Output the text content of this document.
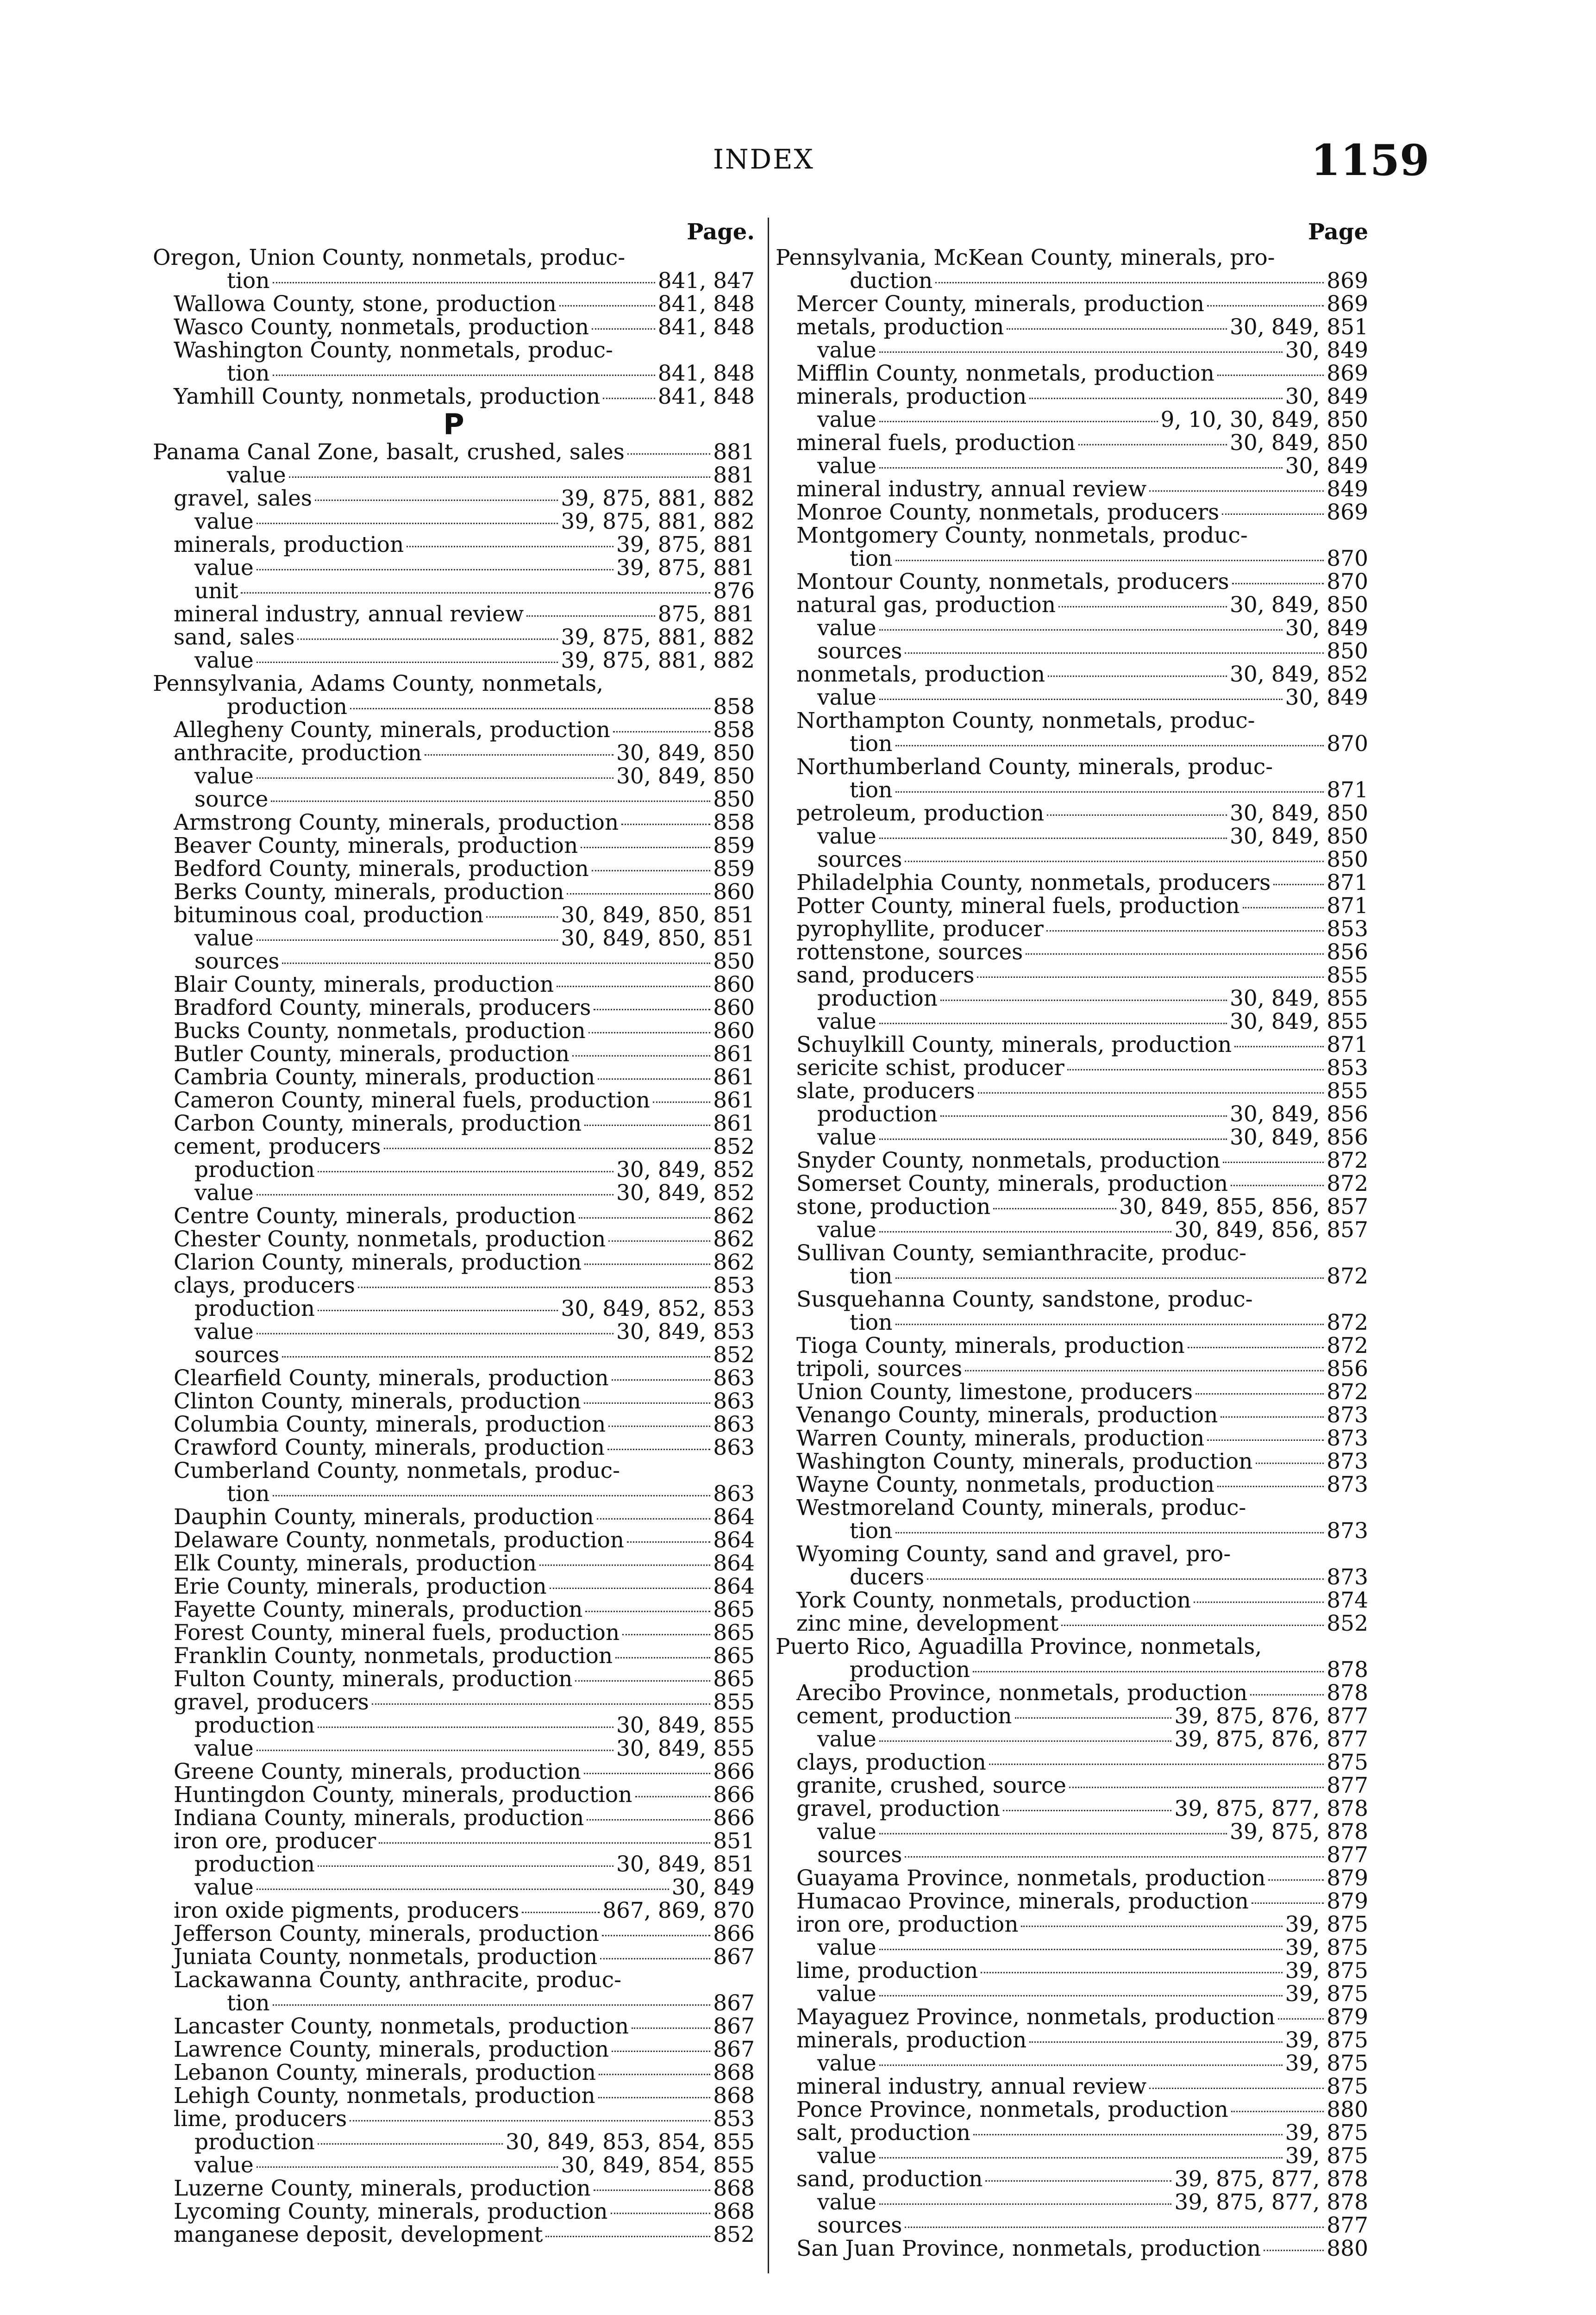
INDEX	1159
Page.
Oregon, Union County, nonmetals, produc-
tion	841, 847
Wallowa County, stone, production	841, 848
Wasco County, nonmetals, production	841, 848
Washington County, nonmetals, produc-
tion	841, 848
Yamhill County, nonmetals, production	841, 848
P
Panama Canal Zone, basalt, crushed, sales	881
value	881
gravel, sales	39, 875, 881, 882
value	39, 875, 881, 882
minerals, production	39, 875, 881
value	39, 875, 881
unit	876
mineral industry, annual review	875, 881
sand, sales	39, 875, 881, 882
value	39, 875, 881, 882
Pennsylvania, Adams County, nonmetals,
production	858
Allegheny County, minerals, production	858
anthracite, production	30, 849, 850
value	30, 849, 850
source	850
Armstrong County, minerals, production	858
Beaver County, minerals, production	859
Bedford County, minerals, production	859
Berks County, minerals, production	860
bituminous coal, production	30, 849, 850, 851
value	30, 849, 850, 851
sources	850
Blair County, minerals, production	860
Bradford County, minerals, producers	860
Bucks County, nonmetals, production	860
Butler County, minerals, production	861
Cambria County, minerals, production	861
Cameron County, mineral fuels, production	861
Carbon County, minerals, production	861
cement, producers	852
production	30, 849, 852
value	30, 849, 852
Centre County, minerals, production	862
Chester County, nonmetals, production	862
Clarion County, minerals, production	862
clays, producers	853
production	30, 849, 852, 853
value	30, 849, 853
sources	852
Clearfield County, minerals, production	863
Clinton County, minerals, production	863
Columbia County, minerals, production	863
Crawford County, minerals, production	863
Cumberland County, nonmetals, produc-
tion	863
Dauphin County, minerals, production	864
Delaware County, nonmetals, production	864
Elk County, minerals, production	864
Erie County, minerals, production	864
Fayette County, minerals, production	865
Forest County, mineral fuels, production	865
Franklin County, nonmetals, production	865
Fulton County, minerals, production	865
gravel, producers	855
production	30, 849, 855
value	30, 849, 855
Greene County, minerals, production	866
Huntingdon County, minerals, production	866
Indiana County, minerals, production	866
iron ore, producer	851
production	30, 849, 851
value	30, 849
iron oxide pigments, producers	867, 869, 870
Jefferson County, minerals, production	866
Juniata County, nonmetals, production	867
Lackawanna County, anthracite, produc-
tion	867
Lancaster County, nonmetals, production	867
Lawrence County, minerals, production	867
Lebanon County, minerals, production	868
Lehigh County, nonmetals, production	868
lime, producers	853
production	30, 849, 853, 854, 855
value	30, 849, 854, 855
Luzerne County, minerals, production	868
Lycoming County, minerals, production	868
manganese deposit, development	852
Page
Pennsylvania, McKean County, minerals, pro-
duction	869
Mercer County, minerals, production	869
metals, production	30, 849, 851
value	30, 849
Mifflin County, nonmetals, production	869
minerals, production	30, 849
value	9, 10, 30, 849, 850
mineral fuels, production	30, 849, 850
value	30, 849
mineral industry, annual review	849
Monroe County, nonmetals, producers	869
Montgomery County, nonmetals, produc-
tion	870
Montour County, nonmetals, producers	870
natural gas, production	30, 849, 850
value	30, 849
sources	850
nonmetals, production	30, 849, 852
value	30, 849
Northampton County, nonmetals, produc-
tion	870
Northumberland County, minerals, produc-
tion	871
petroleum, production	30, 849, 850
value	30, 849, 850
sources	850
Philadelphia County, nonmetals, producers	871
Potter County, mineral fuels, production	871
pyrophyllite, producer	853
rottenstone, sources	856
sand, producers	855
production	30, 849, 855
value	30, 849, 855
Schuylkill County, minerals, production	871
sericite schist, producer	853
slate, producers	855
production	30, 849, 856
value	30, 849, 856
Snyder County, nonmetals, production	872
Somerset County, minerals, production	872
stone, production	30, 849, 855, 856, 857
value	30, 849, 856, 857
Sullivan County, semianthracite, produc-
tion	872
Susquehanna County, sandstone, produc-
tion	872
Tioga County, minerals, production	872
tripoli, sources	856
Union County, limestone, producers	872
Venango County, minerals, production	873
Warren County, minerals, production	873
Washington County, minerals, production	873
Wayne County, nonmetals, production	873
Westmoreland County, minerals, produc-
tion	873
Wyoming County, sand and gravel, pro-
ducers	873
York County, nonmetals, production	874
zinc mine, development	852
Puerto Rico, Aguadilla Province, nonmetals,
production	878
Arecibo Province, nonmetals, production	878
cement, production	39, 875, 876, 877
value	39, 875, 876, 877
clays, production	875
granite, crushed, source	877
gravel, production	39, 875, 877, 878
value	39, 875, 878
sources	877
Guayama Province, nonmetals, production	879
Humacao Province, minerals, production	879
iron ore, production	39, 875
value	39, 875
lime, production	39, 875
value	39, 875
Mayaguez Province, nonmetals, production 879
minerals, production	39, 875
value	39, 875
mineral industry, annual review	875
Ponce Province, nonmetals, production	880
salt, production	39, 875
value	39, 875
sand, production	39, 875, 877, 878
value	39, 875, 877, 878
sources	877
San Juan Province, nonmetals, production	880
